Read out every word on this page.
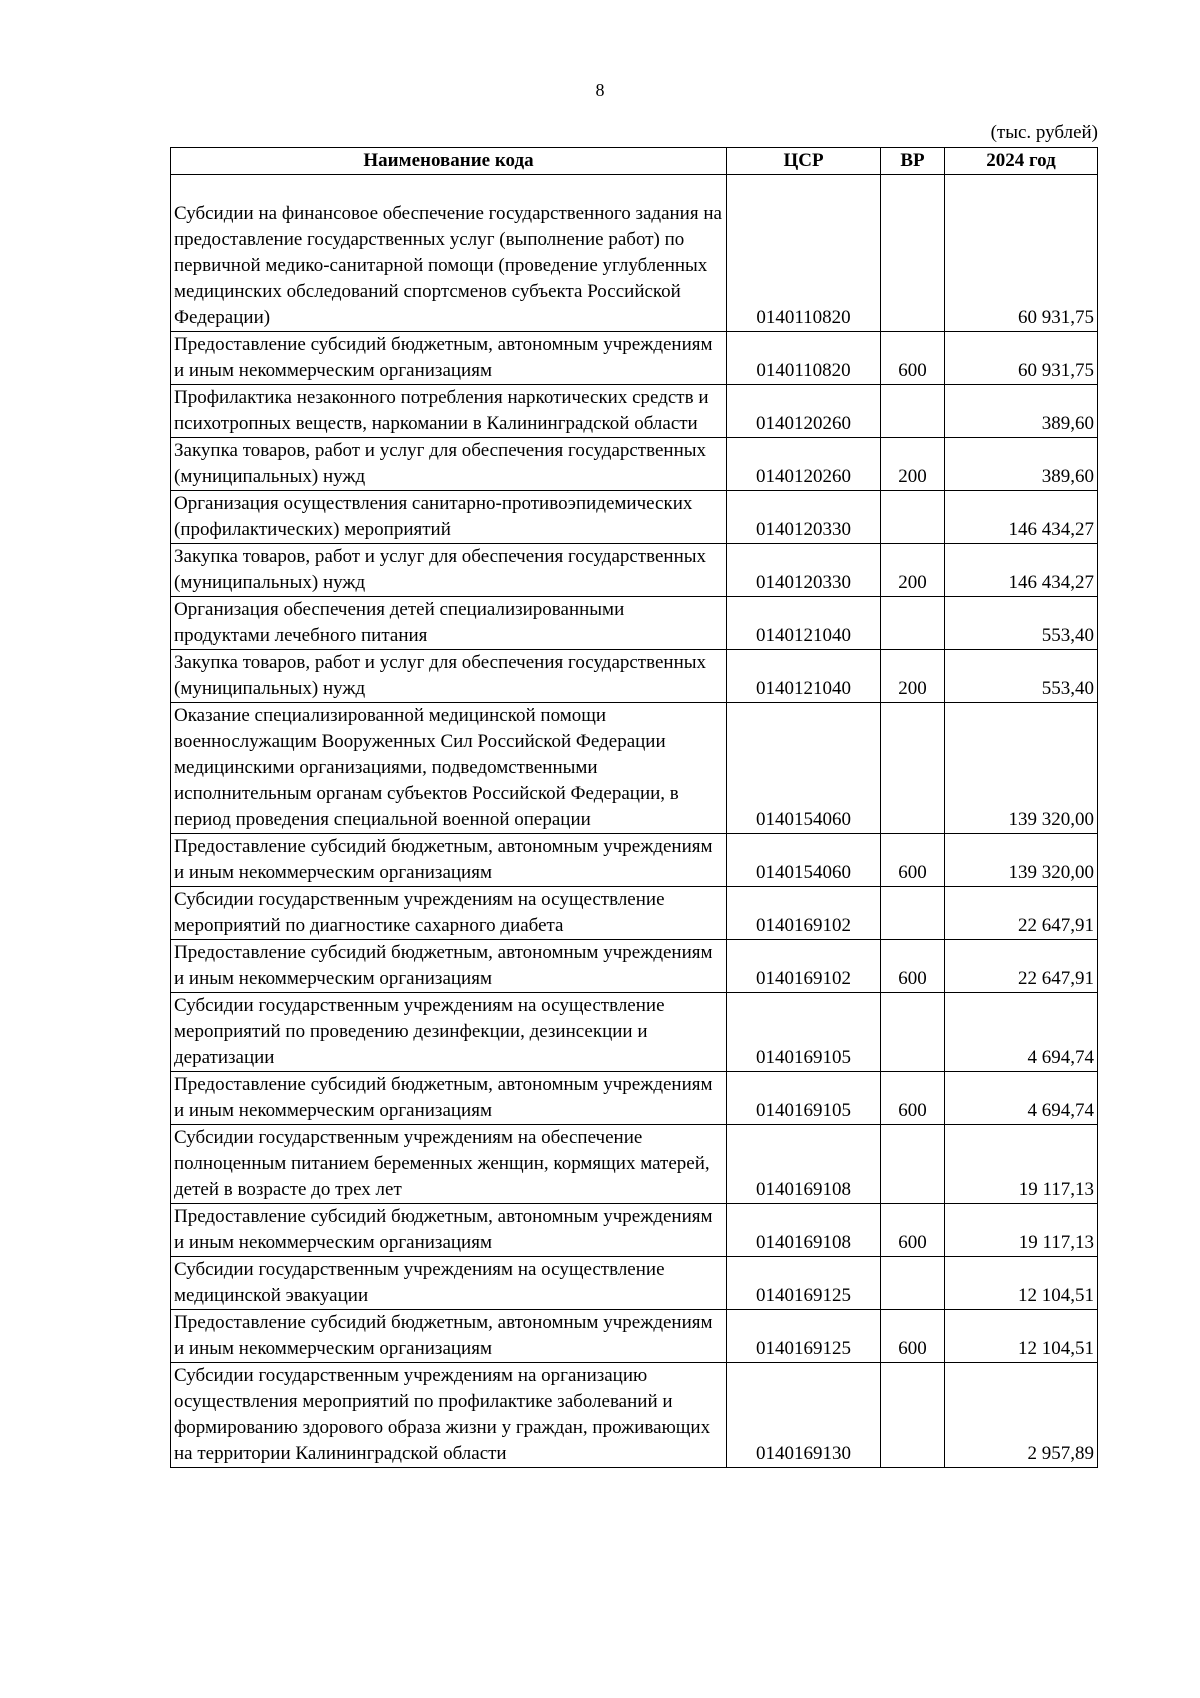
8
(тыс. рублей)
Наименование кода	ЦСР	ВР	2024 год
Субсидии на финансовое обеспечение государственного задания на предоставление государственных услуг (выполнение работ) по первичной медико-санитарной помощи (проведение углубленных медицинских обследований спортсменов субъекта Российской Федерации)	0140110820		60 931,75
Предоставление субсидий бюджетным, автономным учреждениям и иным некоммерческим организациям	0140110820	600	60 931,75
Профилактика незаконного потребления наркотических средств и психотропных веществ, наркомании в Калининградской области	0140120260		389,60
Закупка товаров, работ и услуг для обеспечения государственных (муниципальных) нужд	0140120260	200	389,60
Организация осуществления санитарно-противоэпидемических (профилактических) мероприятий	0140120330		146 434,27
Закупка товаров, работ и услуг для обеспечения государственных (муниципальных) нужд	0140120330	200	146 434,27
Организация обеспечения детей специализированными продуктами лечебного питания	0140121040		553,40
Закупка товаров, работ и услуг для обеспечения государственных (муниципальных) нужд	0140121040	200	553,40
Оказание специализированной медицинской помощи военнослужащим Вооруженных Сил Российской Федерации медицинскими организациями, подведомственными исполнительным органам субъектов Российской Федерации, в период проведения специальной военной операции	0140154060		139 320,00
Предоставление субсидий бюджетным, автономным учреждениям и иным некоммерческим организациям	0140154060	600	139 320,00
Субсидии государственным учреждениям на осуществление мероприятий по диагностике сахарного диабета	0140169102		22 647,91
Предоставление субсидий бюджетным, автономным учреждениям и иным некоммерческим организациям	0140169102	600	22 647,91
Субсидии государственным учреждениям на осуществление мероприятий по проведению дезинфекции, дезинсекции и дератизации	0140169105		4 694,74
Предоставление субсидий бюджетным, автономным учреждениям и иным некоммерческим организациям	0140169105	600	4 694,74
Субсидии государственным учреждениям на обеспечение полноценным питанием беременных женщин, кормящих матерей, детей в возрасте до трех лет	0140169108		19 117,13
Предоставление субсидий бюджетным, автономным учреждениям и иным некоммерческим организациям	0140169108	600	19 117,13
Субсидии государственным учреждениям на осуществление медицинской эвакуации	0140169125		12 104,51
Предоставление субсидий бюджетным, автономным учреждениям и иным некоммерческим организациям	0140169125	600	12 104,51
Субсидии государственным учреждениям на организацию осуществления мероприятий по профилактике заболеваний и формированию здорового образа жизни у граждан, проживающих на территории Калининградской области	0140169130		2 957,89
